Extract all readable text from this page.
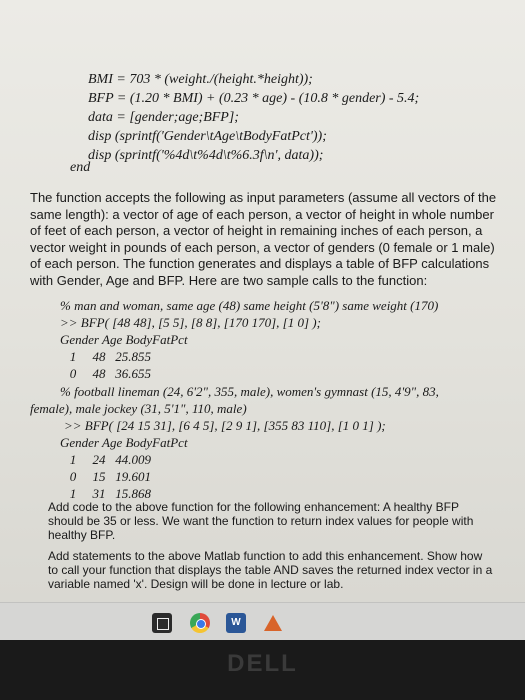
BMI = 703 * (weight./(height.*height));
BFP = (1.20 * BMI) + (0.23 * age) - (10.8 * gender) - 5.4;
data = [gender;age;BFP];
disp (sprintf('Gender\tAge\tBodyFatPct'));
disp (sprintf('%4d\t%4d\t%6.3f\n', data));
end
The function accepts the following as input parameters (assume all vectors of the same length): a vector of age of each person, a vector of height in whole number of feet of each person, a vector of height in remaining inches of each person, a vector weight in pounds of each person, a vector of genders (0 female or 1 male) of each person. The function generates and displays a table of BFP calculations with Gender, Age and BFP. Here are two sample calls to the function:
% man and woman, same age (48) same height (5'8") same weight (170)
>> BFP( [48 48], [5 5], [8 8], [170 170], [1 0] );
Gender Age BodyFatPct
1     48   25.855
0     48   36.655
% football lineman (24, 6'2", 355, male), women's gymnast (15, 4'9", 83,
female), male jockey (31, 5'1", 110, male)
>> BFP( [24 15 31], [6 4 5], [2 9 1], [355 83 110], [1 0 1] );
Gender Age BodyFatPct
1     24   44.009
0     15   19.601
1     31   15.868

Add code to the above function for the following enhancement: A healthy BFP should be 35 or less. We want the function to return index values for people with healthy BFP.

Add statements to the above Matlab function to add this enhancement. Show how to call your function that displays the table AND saves the returned index vector in a variable named 'x'. Design will be done in lecture or lab.

W
DELL
